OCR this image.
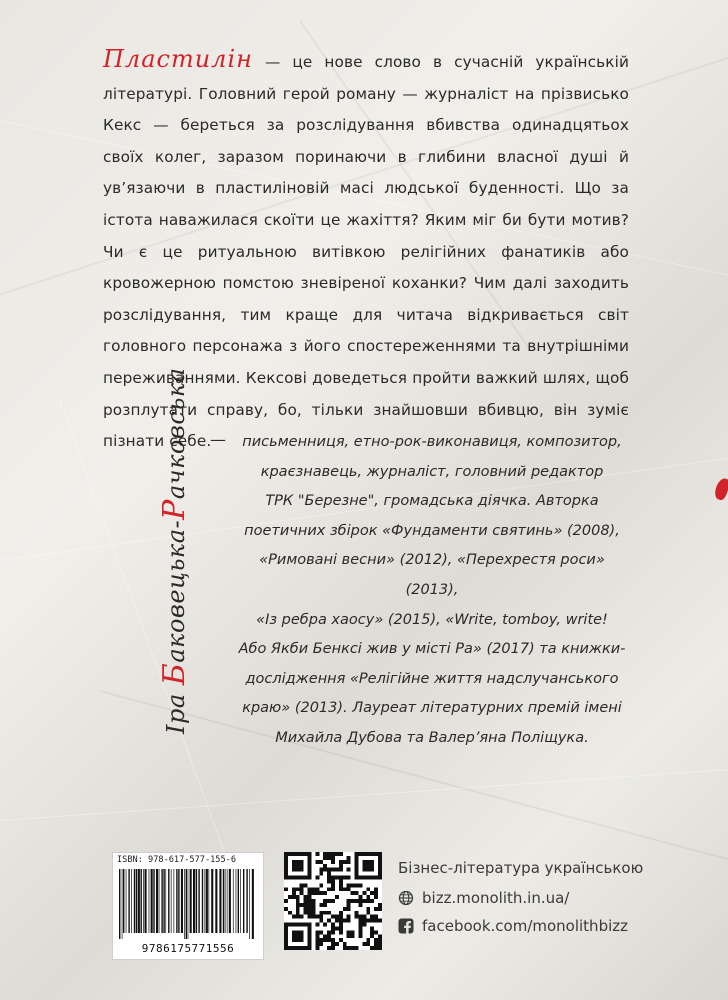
Пластилін — це нове слово в сучасній українській літературі. Головний герой роману — журналіст на прізвисько Кекс — береться за розслідування вбивства одинадцятьох своїх колег, заразом поринаючи в глибини власної душі й ув’язаючи в пластиліновій масі людської буденності. Що за істота наважилася скоїти це жахіття? Яким міг би бути мотив? Чи є це ритуальною витівкою релігійних фанатиків або кровожерною помстою зневіреної коханки? Чим далі заходить розслідування, тим краще для читача відкривається світ головного персонажа з його спостереженнями та внутрішніми переживаннями. Кексові доведеться пройти важкий шлях, щоб розплутати справу, бо, тільки знайшовши вбивцю, він зуміє пізнати себе.
Іра Баковецька-Рачковська	—	письменниця, етно-рок-виконавиця, композитор,
краєзнавець, журналіст, головний редактор
ТРК "Березне", громадська діячка. Авторка
поетичних збірок «Фундаменти святинь» (2008),
«Римовані весни» (2012), «Перехрестя роси» (2013),
«Із ребра хаосу» (2015), «Write, tomboy, write!
Або Якби Бенксі жив у місті Ра» (2017) та книжки-
дослідження «Релігійне життя надслучанського
краю» (2013). Лауреат літературних премій імені
Михайла Дубова та Валер’яна Поліщука.
ISBN: 978-617-577-155-6
9786175771556
Бізнес-література українською
bizz.monolith.in.ua/
facebook.com/monolithbizz
